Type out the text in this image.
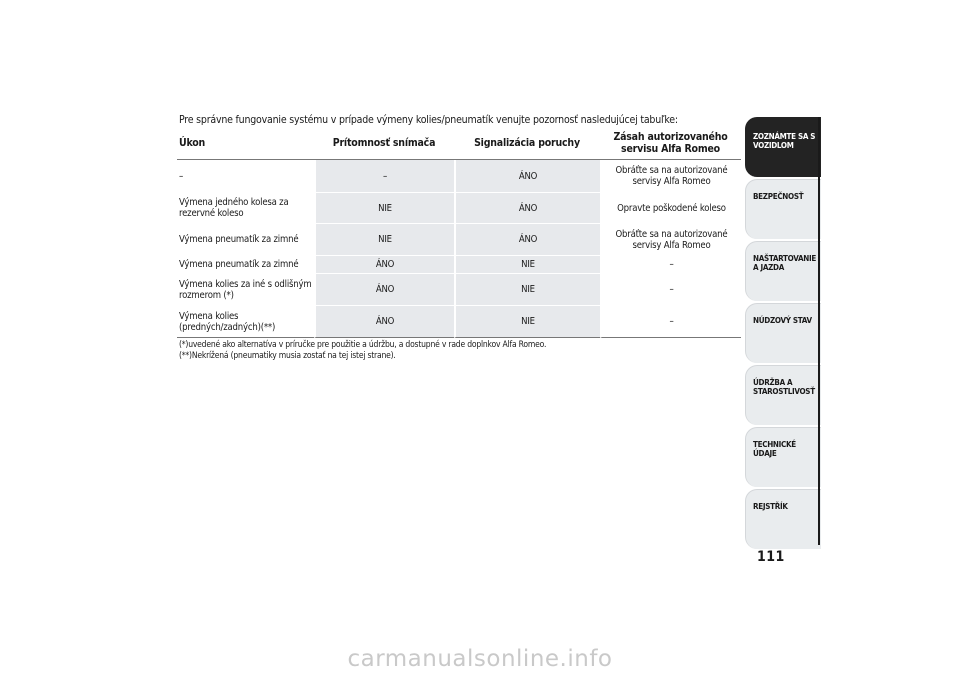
Pre správne fungovanie systému v prípade výmeny kolies/pneumatík venujte pozornosť nasledujúcej tabuľke:
Úkon	Prítomnosť snímača	Signalizácia poruchy	Zásah autorizovaného servisu Alfa Romeo
–	–	ÁNO	Obráťte sa na autorizované servisy Alfa Romeo
Výmena jedného kolesa za rezervné koleso	NIE	ÁNO	Opravte poškodené koleso
Výmena pneumatík za zimné	NIE	ÁNO	Obráťte sa na autorizované servisy Alfa Romeo
Výmena pneumatík za zimné	ÁNO	NIE	–
Výmena kolies za iné s odlišným rozmerom (*)	ÁNO	NIE	–
Výmena kolies (predných/zadných)(**)	ÁNO	NIE	–
(*)uvedené ako alternatíva v príručke pre použitie a údržbu, a dostupné v rade doplnkov Alfa Romeo.
(**)Nekrížená (pneumatiky musia zostať na tej istej strane).
ZOZNÁMTE SA S VOZIDLOM
BEZPEČNOSŤ
NAŠTARTOVANIE A JAZDA
NÚDZOVÝ STAV
ÚDRŽBA A STAROSTLIVOSŤ
TECHNICKÉ ÚDAJE
REJSTŘÍK
111
carmanualsonline.info
